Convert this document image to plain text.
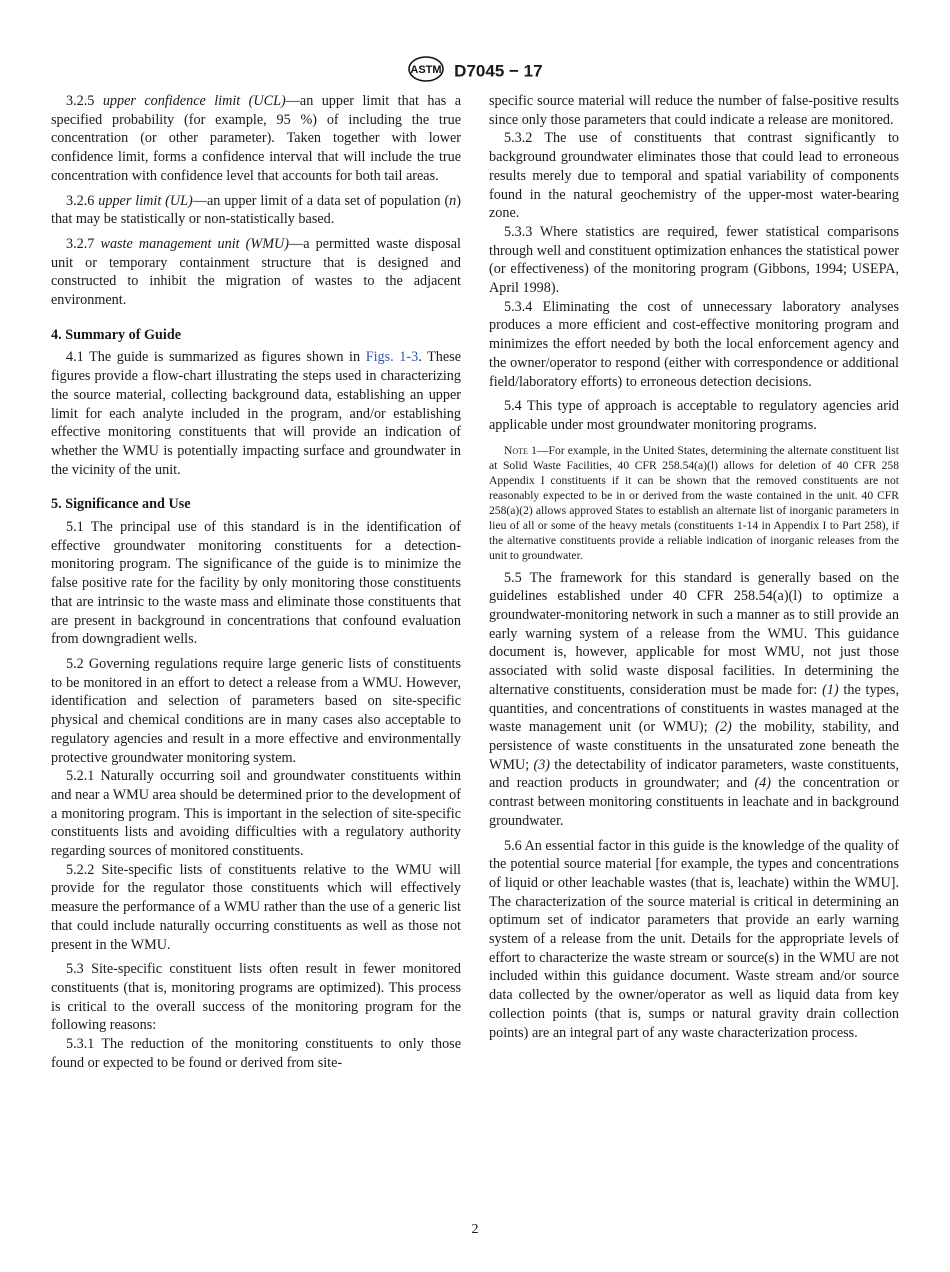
ASTM D7045 − 17

3.2.5 upper confidence limit (UCL)—an upper limit that has a specified probability (for example, 95 %) of including the true concentration (or other parameter). Taken together with lower confidence limit, forms a confidence interval that will include the true concentration with confidence level that accounts for both tail areas.

3.2.6 upper limit (UL)—an upper limit of a data set of population (n) that may be statistically or non-statistically based.

3.2.7 waste management unit (WMU)—a permitted waste disposal unit or temporary containment structure that is designed and constructed to inhibit the migration of wastes to the adjacent environment.

4. Summary of Guide

4.1 The guide is summarized as figures shown in Figs. 1-3. These figures provide a flow-chart illustrating the steps used in characterizing the source material, collecting background data, establishing an upper limit for each analyte included in the program, and/or establishing effective monitoring constituents that will provide an indication of whether the WMU is potentially impacting surface and groundwater in the vicinity of the unit.

5. Significance and Use

5.1 The principal use of this standard is in the identification of effective groundwater monitoring constituents for a detection-monitoring program. The significance of the guide is to minimize the false positive rate for the facility by only monitoring those constituents that are intrinsic to the waste mass and eliminate those constituents that are present in background in concentrations that confound evaluation from downgradient wells.

5.2 Governing regulations require large generic lists of constituents to be monitored in an effort to detect a release from a WMU. However, identification and selection of parameters based on site-specific physical and chemical conditions are in many cases also acceptable to regulatory agencies and result in a more effective and environmentally protective groundwater monitoring system.

5.2.1 Naturally occurring soil and groundwater constituents within and near a WMU area should be determined prior to the development of a monitoring program. This is important in the selection of site-specific constituents lists and avoiding difficulties with a regulatory authority regarding sources of monitored constituents.

5.2.2 Site-specific lists of constituents relative to the WMU will provide for the regulator those constituents which will effectively measure the performance of a WMU rather than the use of a generic list that could include naturally occurring constituents as well as those not present in the WMU.

5.3 Site-specific constituent lists often result in fewer monitored constituents (that is, monitoring programs are optimized). This process is critical to the overall success of the monitoring program for the following reasons:

5.3.1 The reduction of the monitoring constituents to only those found or expected to be found or derived from site-

specific source material will reduce the number of false-positive results since only those parameters that could indicate a release are monitored.

5.3.2 The use of constituents that contrast significantly to background groundwater eliminates those that could lead to erroneous results merely due to temporal and spatial variability of components found in the natural geochemistry of the upper-most water-bearing zone.

5.3.3 Where statistics are required, fewer statistical comparisons through well and constituent optimization enhances the statistical power (or effectiveness) of the monitoring program (Gibbons, 1994; USEPA, April 1998).

5.3.4 Eliminating the cost of unnecessary laboratory analyses produces a more efficient and cost-effective monitoring program and minimizes the effort needed by both the local enforcement agency and the owner/operator to respond (either with correspondence or additional field/laboratory efforts) to erroneous detection decisions.

5.4 This type of approach is acceptable to regulatory agencies arid applicable under most groundwater monitoring programs.

Note 1—For example, in the United States, determining the alternate constituent list at Solid Waste Facilities, 40 CFR 258.54(a)(l) allows for deletion of 40 CFR 258 Appendix I constituents if it can be shown that the removed constituents are not reasonably expected to be in or derived from the waste contained in the unit. 40 CFR 258(a)(2) allows approved States to establish an alternate list of inorganic parameters in lieu of all or some of the heavy metals (constituents 1-14 in Appendix I to Part 258), if the alternative constituents provide a reliable indication of inorganic releases from the unit to groundwater.

5.5 The framework for this standard is generally based on the guidelines established under 40 CFR 258.54(a)(l) to optimize a groundwater-monitoring network in such a manner as to still provide an early warning system of a release from the WMU. This guidance document is, however, applicable for most WMU, not just those associated with solid waste disposal facilities. In determining the alternative constituents, consideration must be made for: (1) the types, quantities, and concentrations of constituents in wastes managed at the waste management unit (or WMU); (2) the mobility, stability, and persistence of waste constituents in the unsaturated zone beneath the WMU; (3) the detectability of indicator parameters, waste constituents, and reaction products in groundwater; and (4) the concentration or contrast between monitoring constituents in leachate and in background groundwater.

5.6 An essential factor in this guide is the knowledge of the quality of the potential source material [for example, the types and concentrations of liquid or other leachable wastes (that is, leachate) within the WMU]. The characterization of the source material is critical in determining an optimum set of indicator parameters that provide an early warning system of a release from the unit. Details for the appropriate levels of effort to characterize the waste stream or source(s) in the WMU are not included within this guidance document. Waste stream and/or source data collected by the owner/operator as well as liquid data from key collection points (that is, sumps or natural gravity drain collection points) are an integral part of any waste characterization process.

2
